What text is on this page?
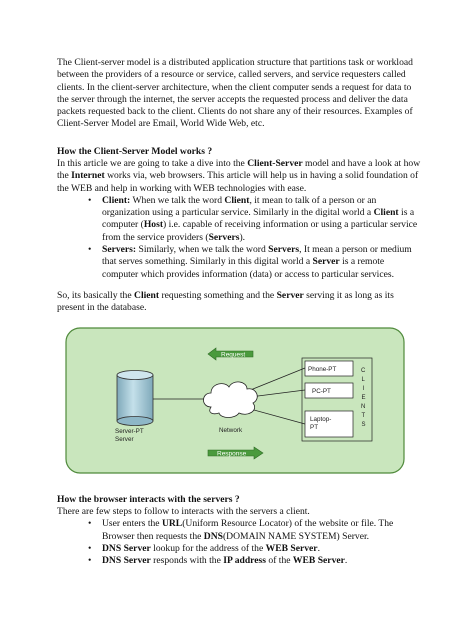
The Client-server model is a distributed application structure that partitions task or workload between the providers of a resource or service, called servers, and service requesters called clients. In the client-server architecture, when the client computer sends a request for data to the server through the internet, the server accepts the requested process and deliver the data packets requested back to the client. Clients do not share any of their resources. Examples of Client-Server Model are Email, World Wide Web, etc.
How the Client-Server Model works ?
In this article we are going to take a dive into the Client-Server model and have a look at how the Internet works via, web browsers. This article will help us in having a solid foundation of the WEB and help in working with WEB technologies with ease.
• Client: When we talk the word Client, it mean to talk of a person or an organization using a particular service. Similarly in the digital world a Client is a computer (Host) i.e. capable of receiving information or using a particular service from the service providers (Servers).
• Servers: Similarly, when we talk the word Servers, It mean a person or medium that serves something. Similarly in this digital world a Server is a remote computer which provides information (data) or access to particular services.
So, its basically the Client requesting something and the Server serving it as long as its present in the database.
Request
Server-PT
Server
Network
Phone-PT
PC-PT
Laptop-
PT
C
L
I
E
N
T
S
Response
How the browser interacts with the servers ?
There are few steps to follow to interacts with the servers a client.
• User enters the URL(Uniform Resource Locator) of the website or file. The Browser then requests the DNS(DOMAIN NAME SYSTEM) Server.
• DNS Server lookup for the address of the WEB Server.
• DNS Server responds with the IP address of the WEB Server.
